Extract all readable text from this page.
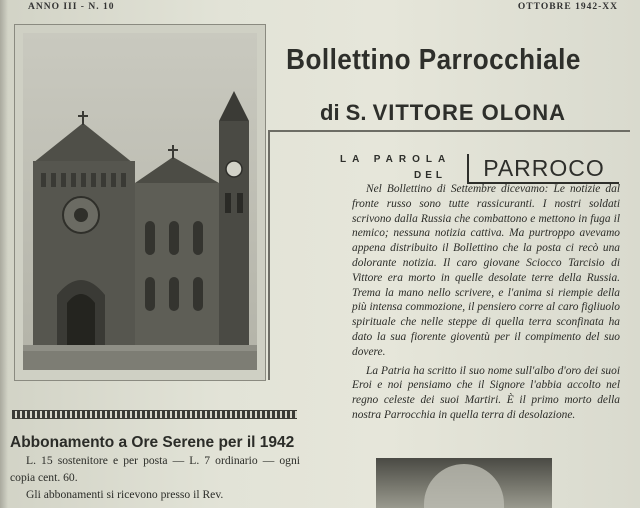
ANNO III - N. 10	OTTOBRE 1942-XX
Bollettino Parrocchiale
di S. VITTORE OLONA
LA PAROLA
DEL	PARROCO

Nel Bollettino di Settembre dicevamo: Le notizie dal fronte russo sono tutte rassicuranti. I nostri soldati scrivono dalla Russia che combattono e mettono in fuga il nemico; nessuna notizia cattiva. Ma purtroppo avevamo appena distribuito il Bollettino che la posta ci recò una dolorante notizia. Il caro giovane Sciocco Tarcisio di Vittore era morto in quelle desolate terre della Russia. Trema la mano nello scrivere, e l'anima si riempie della più intensa commozione, il pensiero corre al caro figliuolo spirituale che nelle steppe di quella terra sconfinata ha dato la sua fiorente gioventù per il compimento del suo dovere.

La Patria ha scritto il suo nome sull'albo d'oro dei suoi Eroi e noi pensiamo che il Signore l'abbia accolto nel regno celeste dei suoi Martiri. È il primo morto della nostra Parrocchia in quella terra di desolazione.

Abbonamento a Ore Serene per il 1942

L. 15 sostenitore e per posta — L. 7 ordinario — ogni copia cent. 60.

Gli abbonamenti si ricevono presso il Rev.
